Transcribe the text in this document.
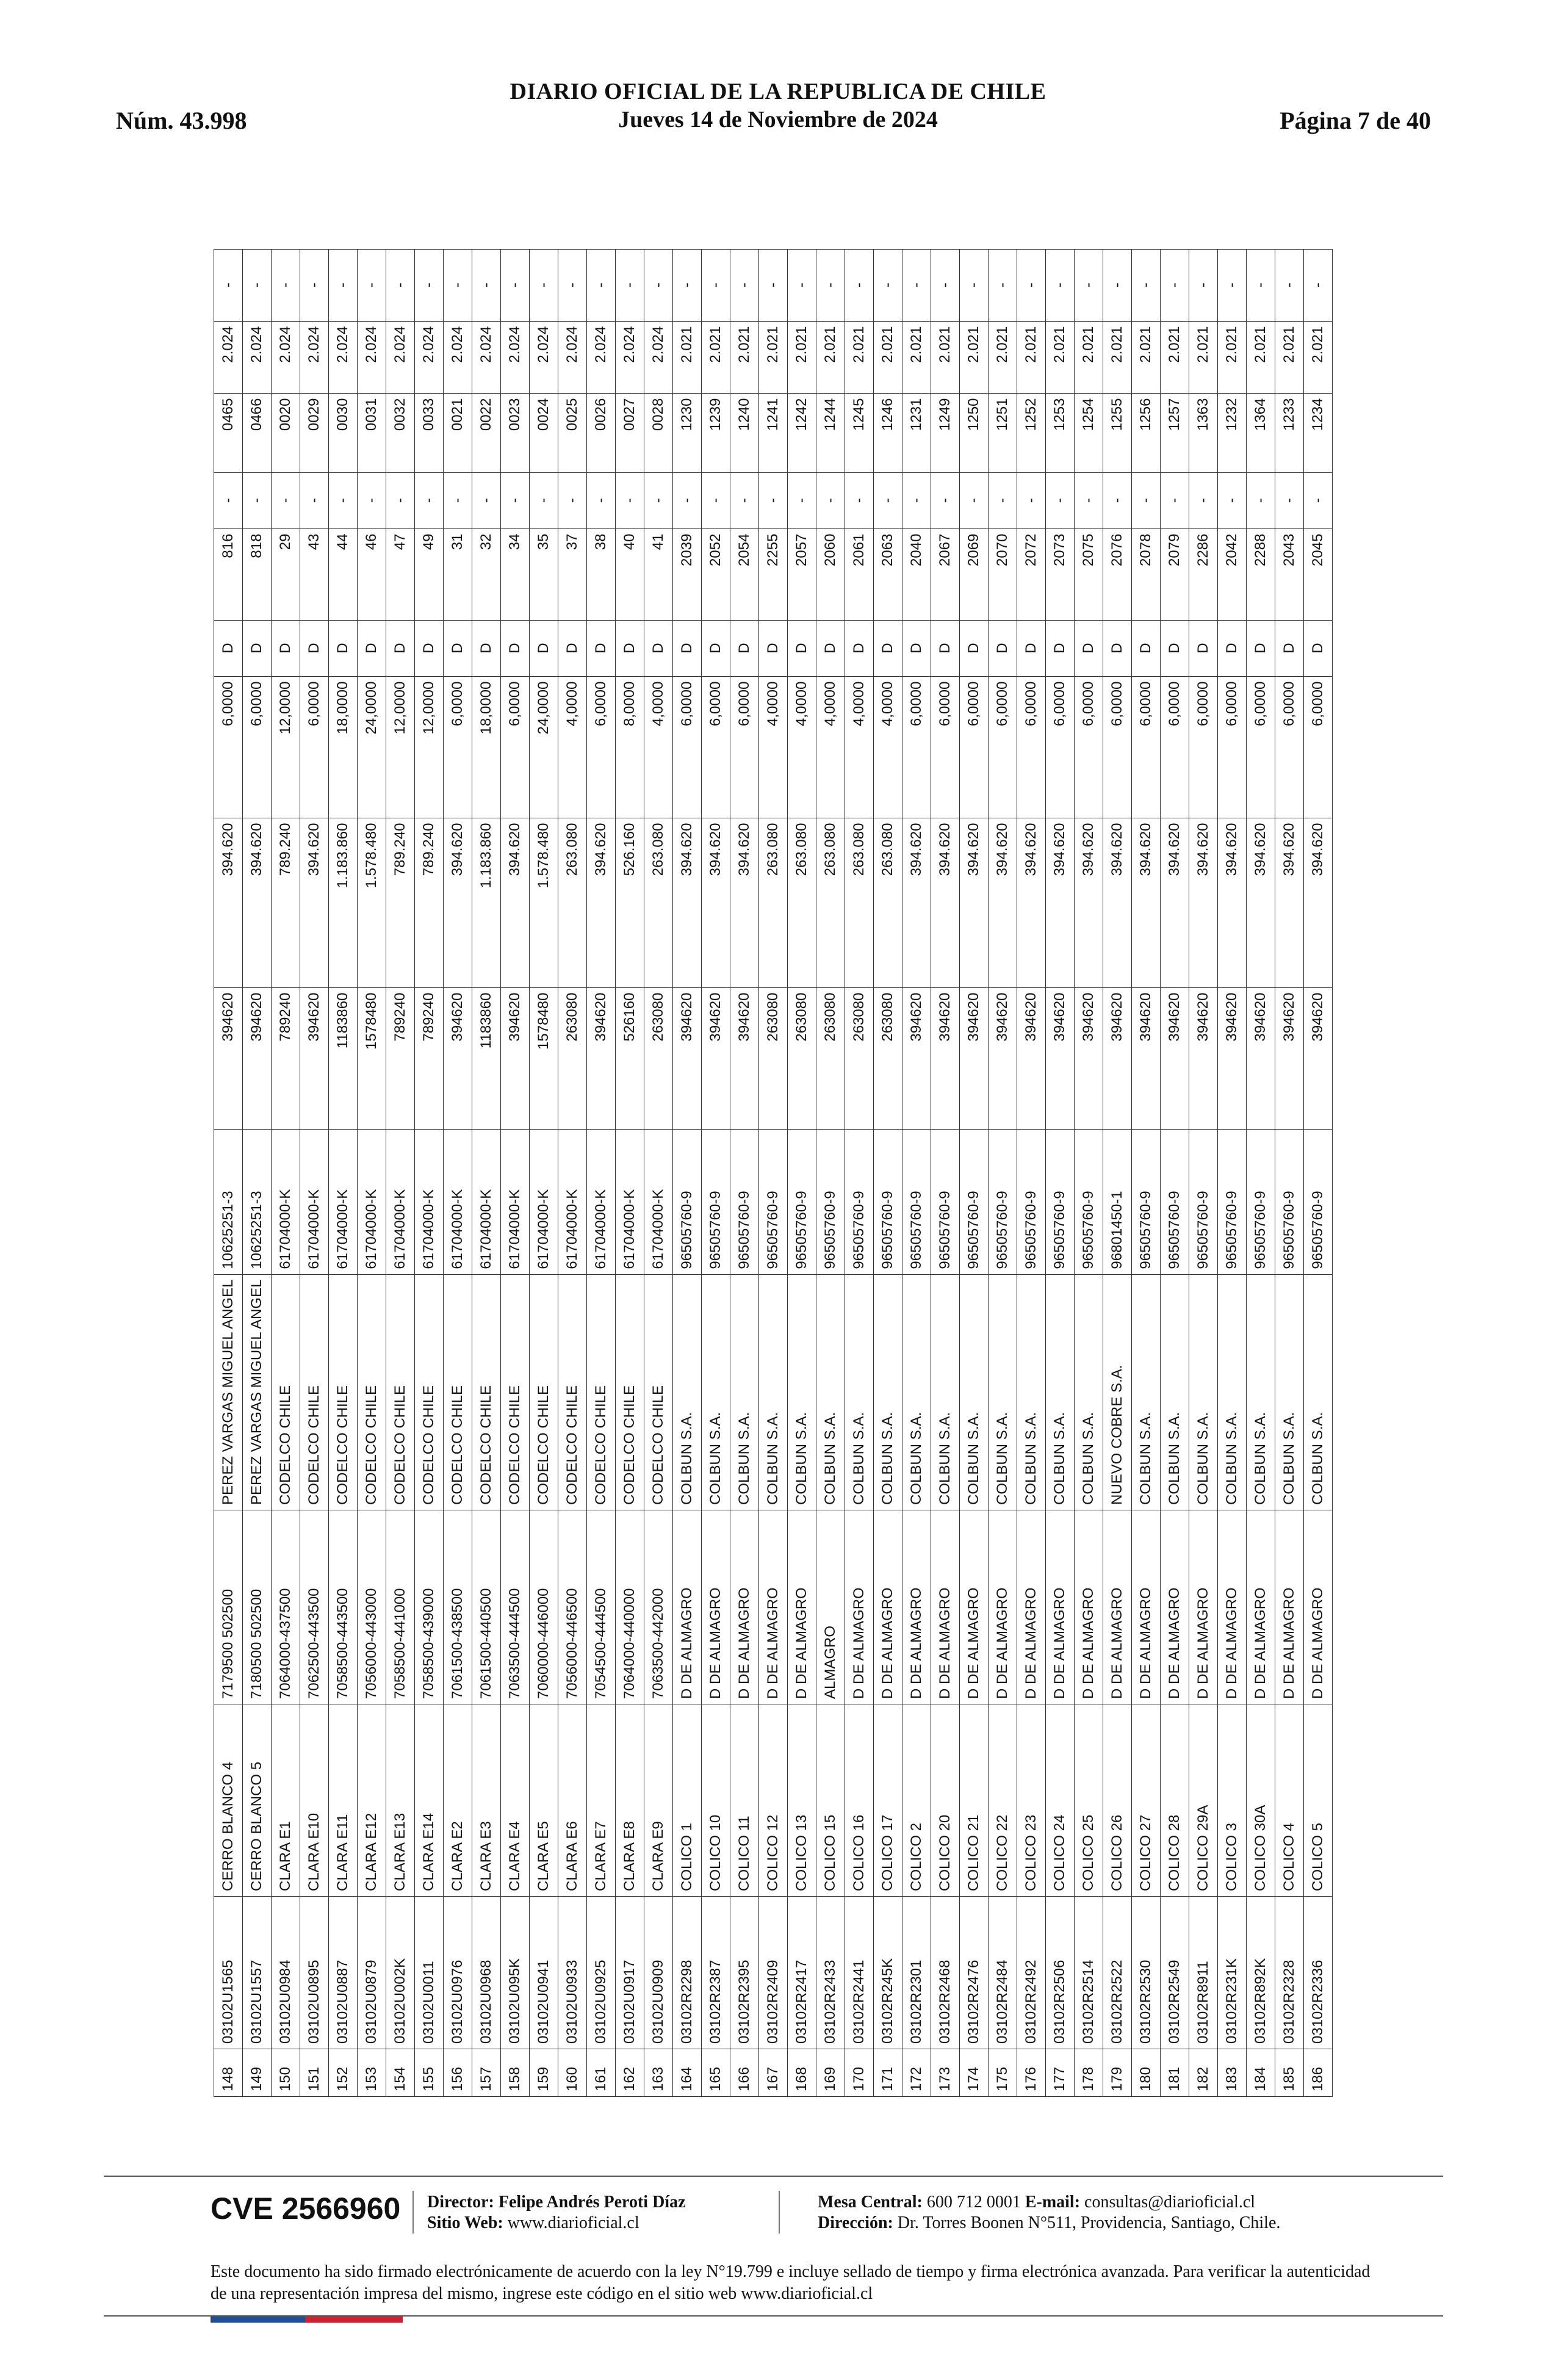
DIARIO OFICIAL DE LA REPUBLICA DE CHILE
Núm. 43.998	Jueves 14 de Noviembre de 2024	Página 7 de 40
148	03102U1565	CERRO BLANCO 4	7179500 502500	PEREZ VARGAS MIGUEL ANGEL	10625251-3	394620	394.620	6,0000	D	816	-	0465	2.024	-
149	03102U1557	CERRO BLANCO 5	7180500 502500	PEREZ VARGAS MIGUEL ANGEL	10625251-3	394620	394.620	6,0000	D	818	-	0466	2.024	-
150	03102U0984	CLARA E1	7064000-437500	CODELCO CHILE	61704000-K	789240	789.240	12,0000	D	29	-	0020	2.024	-
151	03102U0895	CLARA E10	7062500-443500	CODELCO CHILE	61704000-K	394620	394.620	6,0000	D	43	-	0029	2.024	-
152	03102U0887	CLARA E11	7058500-443500	CODELCO CHILE	61704000-K	1183860	1.183.860	18,0000	D	44	-	0030	2.024	-
153	03102U0879	CLARA E12	7056000-443000	CODELCO CHILE	61704000-K	1578480	1.578.480	24,0000	D	46	-	0031	2.024	-
154	03102U002K	CLARA E13	7058500-441000	CODELCO CHILE	61704000-K	789240	789.240	12,0000	D	47	-	0032	2.024	-
155	03102U0011	CLARA E14	7058500-439000	CODELCO CHILE	61704000-K	789240	789.240	12,0000	D	49	-	0033	2.024	-
156	03102U0976	CLARA E2	7061500-438500	CODELCO CHILE	61704000-K	394620	394.620	6,0000	D	31	-	0021	2.024	-
157	03102U0968	CLARA E3	7061500-440500	CODELCO CHILE	61704000-K	1183860	1.183.860	18,0000	D	32	-	0022	2.024	-
158	03102U095K	CLARA E4	7063500-444500	CODELCO CHILE	61704000-K	394620	394.620	6,0000	D	34	-	0023	2.024	-
159	03102U0941	CLARA E5	7060000-446000	CODELCO CHILE	61704000-K	1578480	1.578.480	24,0000	D	35	-	0024	2.024	-
160	03102U0933	CLARA E6	7056000-446500	CODELCO CHILE	61704000-K	263080	263.080	4,0000	D	37	-	0025	2.024	-
161	03102U0925	CLARA E7	7054500-444500	CODELCO CHILE	61704000-K	394620	394.620	6,0000	D	38	-	0026	2.024	-
162	03102U0917	CLARA E8	7064000-440000	CODELCO CHILE	61704000-K	526160	526.160	8,0000	D	40	-	0027	2.024	-
163	03102U0909	CLARA E9	7063500-442000	CODELCO CHILE	61704000-K	263080	263.080	4,0000	D	41	-	0028	2.024	-
164	03102R2298	COLICO 1	D DE ALMAGRO	COLBUN S.A.	96505760-9	394620	394.620	6,0000	D	2039	-	1230	2.021	-
165	03102R2387	COLICO 10	D DE ALMAGRO	COLBUN S.A.	96505760-9	394620	394.620	6,0000	D	2052	-	1239	2.021	-
166	03102R2395	COLICO 11	D DE ALMAGRO	COLBUN S.A.	96505760-9	394620	394.620	6,0000	D	2054	-	1240	2.021	-
167	03102R2409	COLICO 12	D DE ALMAGRO	COLBUN S.A.	96505760-9	263080	263.080	4,0000	D	2255	-	1241	2.021	-
168	03102R2417	COLICO 13	D DE ALMAGRO	COLBUN S.A.	96505760-9	263080	263.080	4,0000	D	2057	-	1242	2.021	-
169	03102R2433	COLICO 15	ALMAGRO	COLBUN S.A.	96505760-9	263080	263.080	4,0000	D	2060	-	1244	2.021	-
170	03102R2441	COLICO 16	D DE ALMAGRO	COLBUN S.A.	96505760-9	263080	263.080	4,0000	D	2061	-	1245	2.021	-
171	03102R245K	COLICO 17	D DE ALMAGRO	COLBUN S.A.	96505760-9	263080	263.080	4,0000	D	2063	-	1246	2.021	-
172	03102R2301	COLICO 2	D DE ALMAGRO	COLBUN S.A.	96505760-9	394620	394.620	6,0000	D	2040	-	1231	2.021	-
173	03102R2468	COLICO 20	D DE ALMAGRO	COLBUN S.A.	96505760-9	394620	394.620	6,0000	D	2067	-	1249	2.021	-
174	03102R2476	COLICO 21	D DE ALMAGRO	COLBUN S.A.	96505760-9	394620	394.620	6,0000	D	2069	-	1250	2.021	-
175	03102R2484	COLICO 22	D DE ALMAGRO	COLBUN S.A.	96505760-9	394620	394.620	6,0000	D	2070	-	1251	2.021	-
176	03102R2492	COLICO 23	D DE ALMAGRO	COLBUN S.A.	96505760-9	394620	394.620	6,0000	D	2072	-	1252	2.021	-
177	03102R2506	COLICO 24	D DE ALMAGRO	COLBUN S.A.	96505760-9	394620	394.620	6,0000	D	2073	-	1253	2.021	-
178	03102R2514	COLICO 25	D DE ALMAGRO	COLBUN S.A.	96505760-9	394620	394.620	6,0000	D	2075	-	1254	2.021	-
179	03102R2522	COLICO 26	D DE ALMAGRO	NUEVO COBRE S.A.	96801450-1	394620	394.620	6,0000	D	2076	-	1255	2.021	-
180	03102R2530	COLICO 27	D DE ALMAGRO	COLBUN S.A.	96505760-9	394620	394.620	6,0000	D	2078	-	1256	2.021	-
181	03102R2549	COLICO 28	D DE ALMAGRO	COLBUN S.A.	96505760-9	394620	394.620	6,0000	D	2079	-	1257	2.021	-
182	03102R8911	COLICO 29A	D DE ALMAGRO	COLBUN S.A.	96505760-9	394620	394.620	6,0000	D	2286	-	1363	2.021	-
183	03102R231K	COLICO 3	D DE ALMAGRO	COLBUN S.A.	96505760-9	394620	394.620	6,0000	D	2042	-	1232	2.021	-
184	03102R892K	COLICO 30A	D DE ALMAGRO	COLBUN S.A.	96505760-9	394620	394.620	6,0000	D	2288	-	1364	2.021	-
185	03102R2328	COLICO 4	D DE ALMAGRO	COLBUN S.A.	96505760-9	394620	394.620	6,0000	D	2043	-	1233	2.021	-
186	03102R2336	COLICO 5	D DE ALMAGRO	COLBUN S.A.	96505760-9	394620	394.620	6,0000	D	2045	-	1234	2.021	-
CVE 2566960 Director: Felipe Andrés Peroti Díaz
Sitio Web: www.diarioficial.cl
Mesa Central: 600 712 0001 E-mail: consultas@diarioficial.cl
Dirección: Dr. Torres Boonen N°511, Providencia, Santiago, Chile.
Este documento ha sido firmado electrónicamente de acuerdo con la ley N°19.799 e incluye sellado de tiempo y firma electrónica avanzada. Para verificar la autenticidad de una representación impresa del mismo, ingrese este código en el sitio web www.diarioficial.cl
